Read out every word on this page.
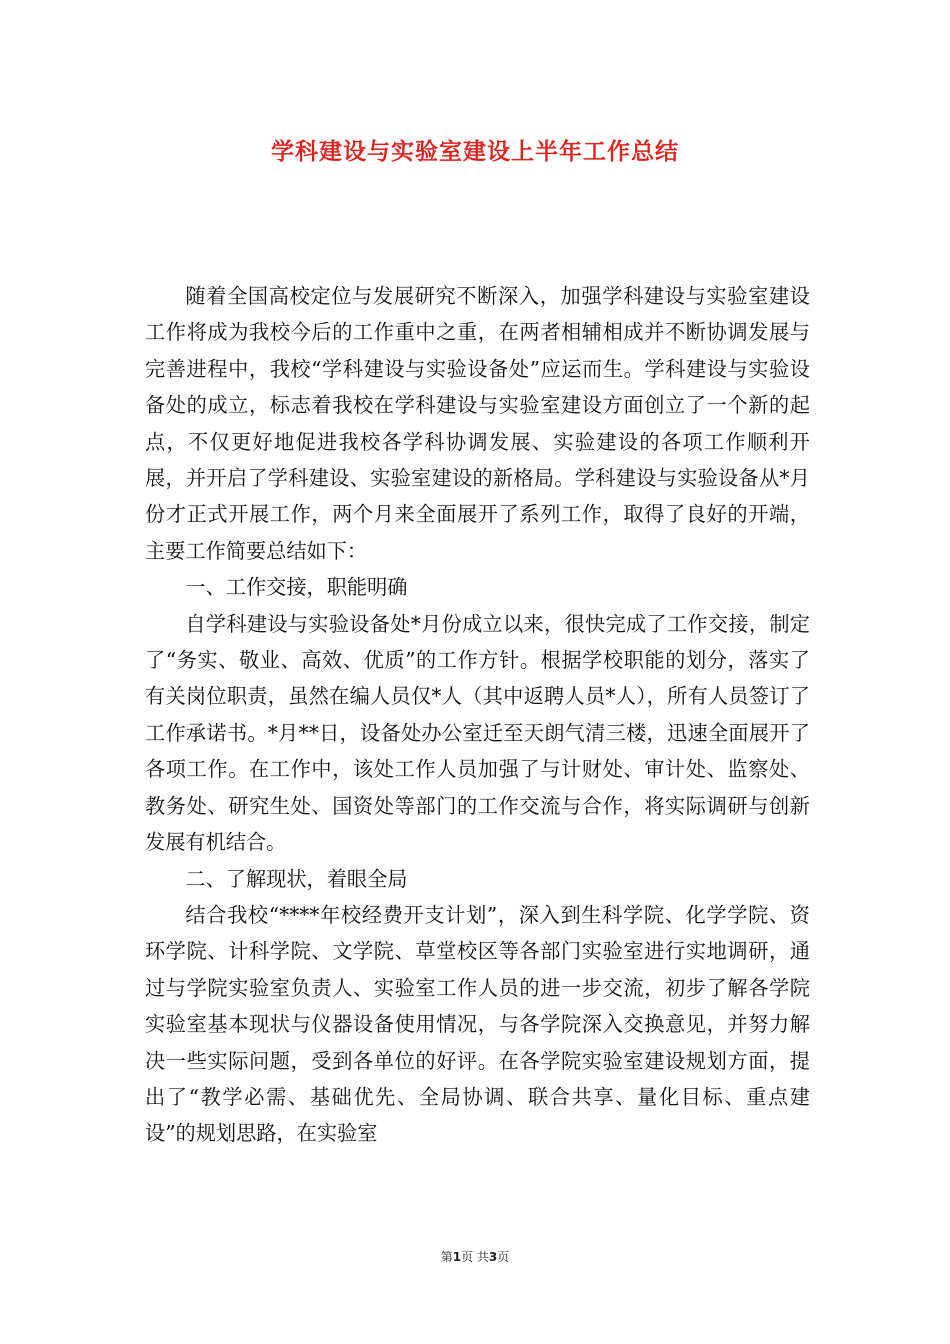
学科建设与实验室建设上半年工作总结

随着全国高校定位与发展研究不断深入，加强学科建设与实验室建设工作将成为我校今后的工作重中之重，在两者相辅相成并不断协调发展与完善进程中，我校“学科建设与实验设备处”应运而生。学科建设与实验设备处的成立，标志着我校在学科建设与实验室建设方面创立了一个新的起点，不仅更好地促进我校各学科协调发展、实验建设的各项工作顺利开展，并开启了学科建设、实验室建设的新格局。学科建设与实验设备从*月份才正式开展工作，两个月来全面展开了系列工作，取得了良好的开端，主要工作简要总结如下：

一、工作交接，职能明确

自学科建设与实验设备处*月份成立以来，很快完成了工作交接，制定了“务实、敬业、高效、优质”的工作方针。根据学校职能的划分，落实了有关岗位职责，虽然在编人员仅*人（其中返聘人员*人），所有人员签订了工作承诺书。*月**日，设备处办公室迁至天朗气清三楼，迅速全面展开了各项工作。在工作中，该处工作人员加强了与计财处、审计处、监察处、教务处、研究生处、国资处等部门的工作交流与合作，将实际调研与创新发展有机结合。

二、了解现状，着眼全局

结合我校“****年校经费开支计划”，深入到生科学院、化学学院、资环学院、计科学院、文学院、草堂校区等各部门实验室进行实地调研，通过与学院实验室负责人、实验室工作人员的进一步交流，初步了解各学院实验室基本现状与仪器设备使用情况，与各学院深入交换意见，并努力解决一些实际问题，受到各单位的好评。在各学院实验室建设规划方面，提出了“教学必需、基础优先、全局协调、联合共享、量化目标、重点建设”的规划思路，在实验室

第1页 共3页
